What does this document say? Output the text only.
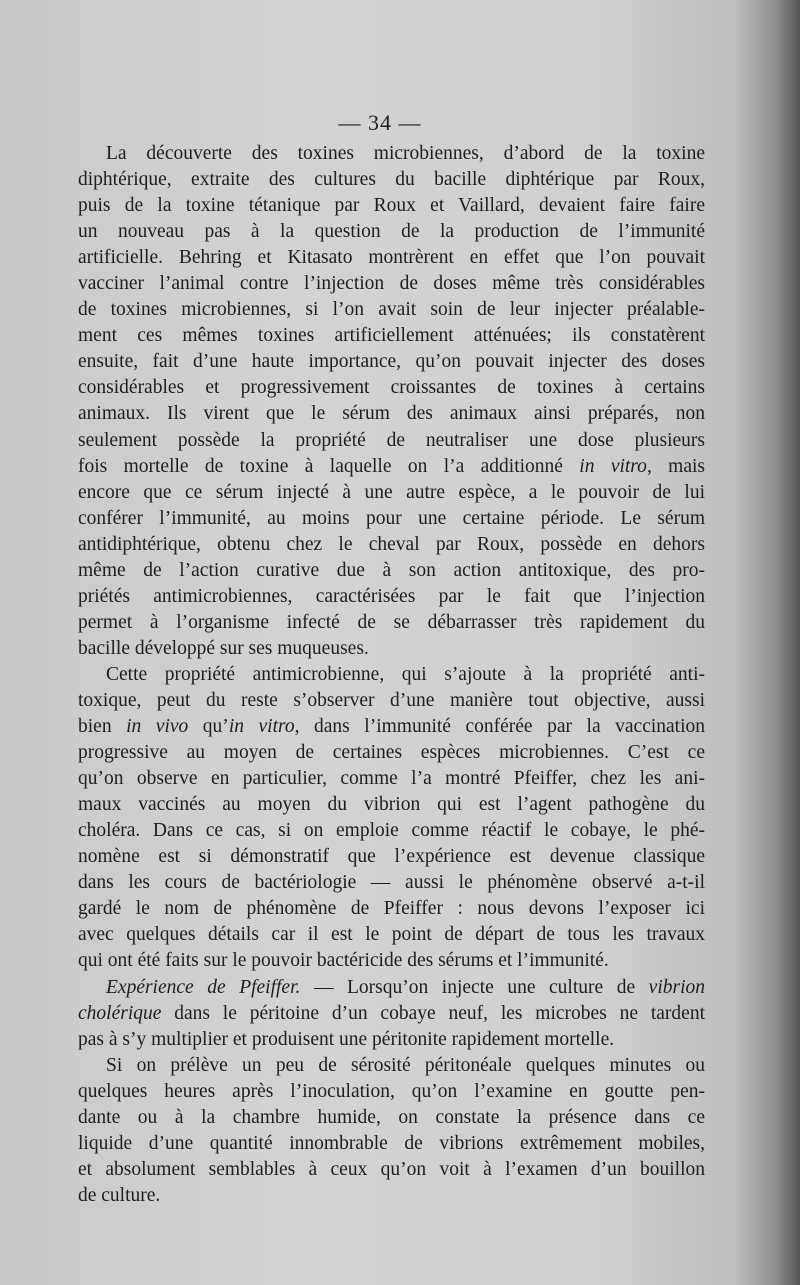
— 34 —
La découverte des toxines microbiennes, d’abord de la toxine
diphtérique, extraite des cultures du bacille diphtérique par Roux,
puis de la toxine tétanique par Roux et Vaillard, devaient faire faire
un nouveau pas à la question de la production de l’immunité
artificielle. Behring et Kitasato montrèrent en effet que l’on pouvait
vacciner l’animal contre l’injection de doses même très considérables
de toxines microbiennes, si l’on avait soin de leur injecter préalable-
ment ces mêmes toxines artificiellement atténuées; ils constatèrent
ensuite, fait d’une haute importance, qu’on pouvait injecter des doses
considérables et progressivement croissantes de toxines à certains
animaux. Ils virent que le sérum des animaux ainsi préparés, non
seulement possède la propriété de neutraliser une dose plusieurs
fois mortelle de toxine à laquelle on l’a additionné in vitro, mais
encore que ce sérum injecté à une autre espèce, a le pouvoir de lui
conférer l’immunité, au moins pour une certaine période. Le sérum
antidiphtérique, obtenu chez le cheval par Roux, possède en dehors
même de l’action curative due à son action antitoxique, des pro-
priétés antimicrobiennes, caractérisées par le fait que l’injection
permet à l’organisme infecté de se débarrasser très rapidement du
bacille développé sur ses muqueuses.
Cette propriété antimicrobienne, qui s’ajoute à la propriété anti-
toxique, peut du reste s’observer d’une manière tout objective, aussi
bien in vivo qu’in vitro, dans l’immunité conférée par la vaccination
progressive au moyen de certaines espèces microbiennes. C’est ce
qu’on observe en particulier, comme l’a montré Pfeiffer, chez les ani-
maux vaccinés au moyen du vibrion qui est l’agent pathogène du
choléra. Dans ce cas, si on emploie comme réactif le cobaye, le phé-
nomène est si démonstratif que l’expérience est devenue classique
dans les cours de bactériologie — aussi le phénomène observé a-t-il
gardé le nom de phénomène de Pfeiffer : nous devons l’exposer ici
avec quelques détails car il est le point de départ de tous les travaux
qui ont été faits sur le pouvoir bactéricide des sérums et l’immunité.
Expérience de Pfeiffer. — Lorsqu’on injecte une culture de vibrion
cholérique dans le péritoine d’un cobaye neuf, les microbes ne tardent
pas à s’y multiplier et produisent une péritonite rapidement mortelle.
Si on prélève un peu de sérosité péritonéale quelques minutes ou
quelques heures après l’inoculation, qu’on l’examine en goutte pen-
dante ou à la chambre humide, on constate la présence dans ce
liquide d’une quantité innombrable de vibrions extrêmement mobiles,
et absolument semblables à ceux qu’on voit à l’examen d’un bouillon
de culture.
